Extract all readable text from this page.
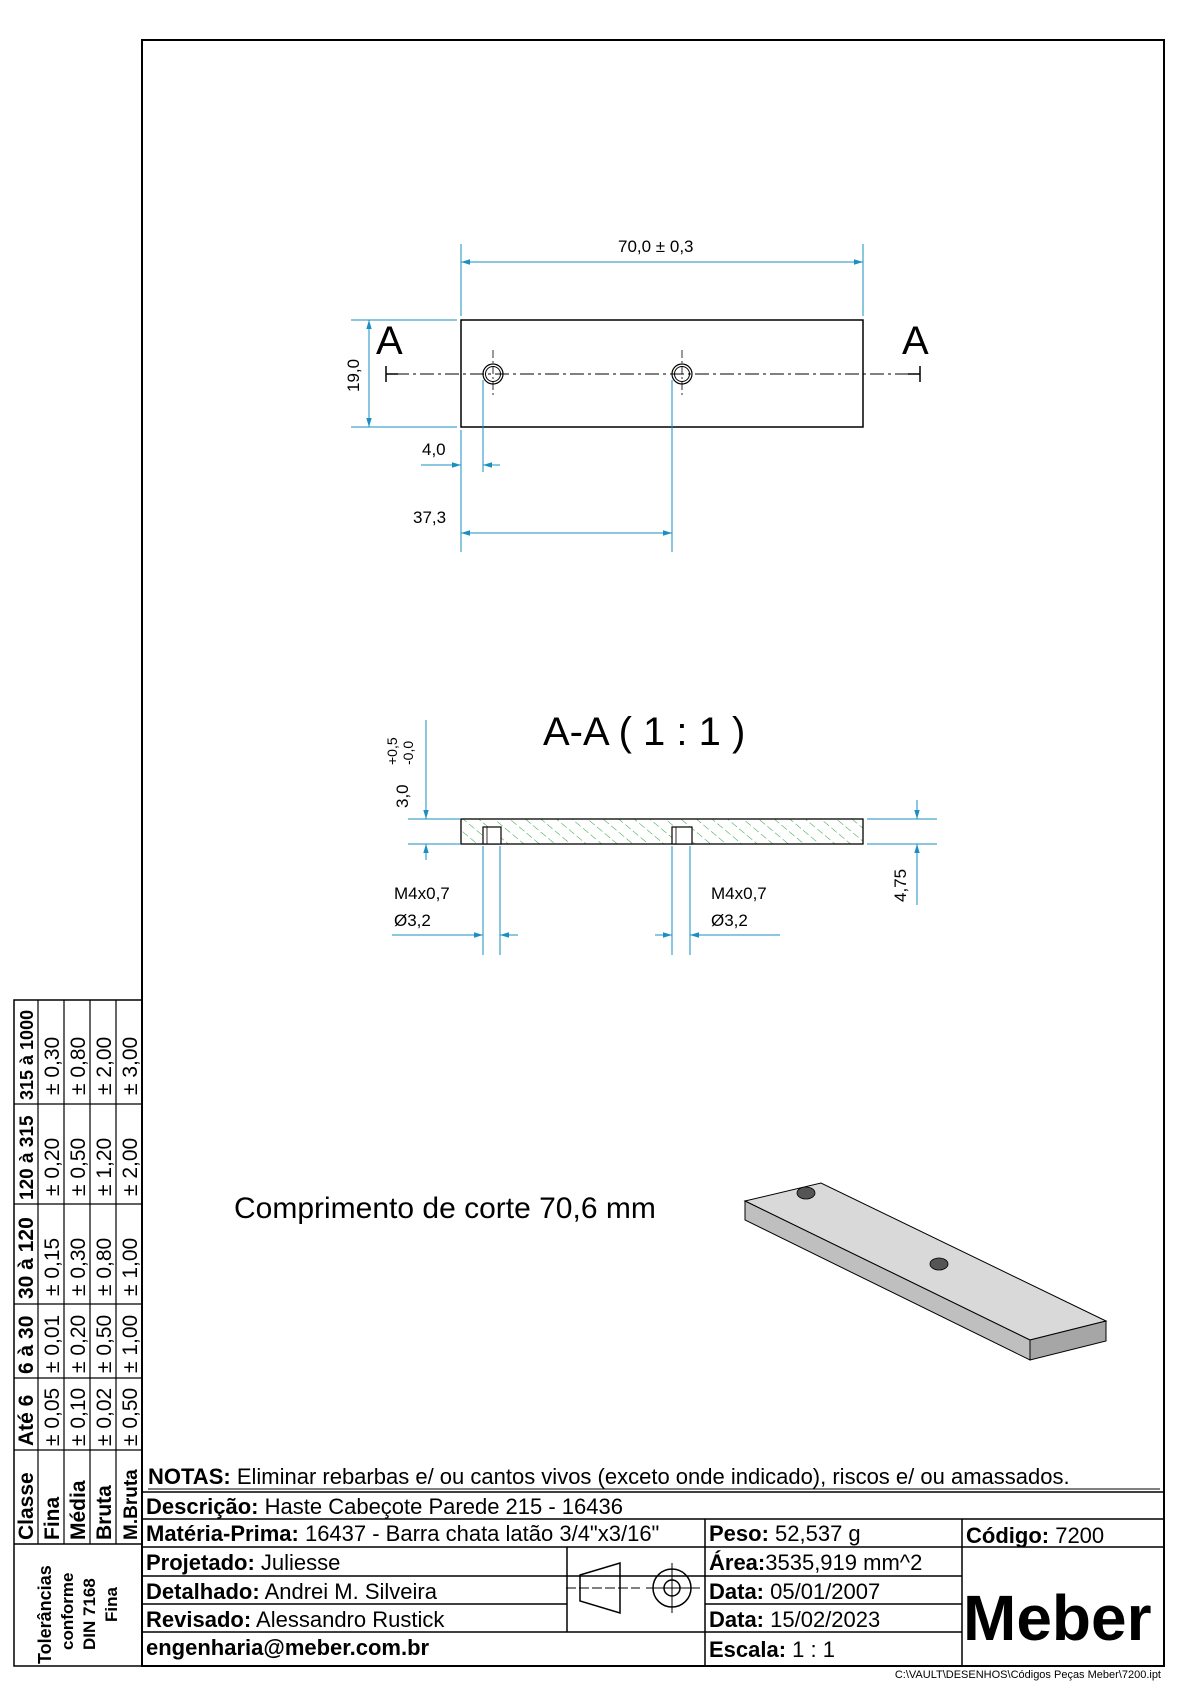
A	A
70,0 ± 0,3
19,0
4,0
37,3
A-A ( 1 : 1 )
3,0
+0,5 -0,0
4,75
M4x0,7
Ø3,2
M4x0,7
Ø3,2
Comprimento de corte 70,6 mm
NOTAS: Eliminar rebarbas e/ ou cantos vivos (exceto onde indicado), riscos e/ ou amassados.
Descrição: Haste Cabeçote Parede 215 - 16436
Matéria-Prima: 16437 - Barra chata latão 3/4"x3/16" Peso: 52,537 g	Código: 7200
Projetado: Juliesse	Área:3535,919 mm^2
Detalhado: Andrei M. Silveira	Data: 05/01/2007
Revisado: Alessandro Rustick	Data: 15/02/2023
engenharia@meber.com.br	Escala: 1 : 1 Meber
C:\VAULT\DESENHOS\Códigos Peças Meber\7200.ipt
315 à 1000
120 à 315
30 à 120
6 à 30
Até 6
Classe Fina Média Bruta M.Bruta
± 0,30 ± 0,80 ± 2,00 ± 3,00
± 0,20 ± 0,50 ± 1,20 ± 2,00
± 0,15 ± 0,30 ± 0,80 ± 1,00
± 0,01 ± 0,20 ± 0,50 ± 1,00
± 0,05 ± 0,10 ± 0,02 ± 0,50
Tolerâncias conforme DIN 7168 Fina
